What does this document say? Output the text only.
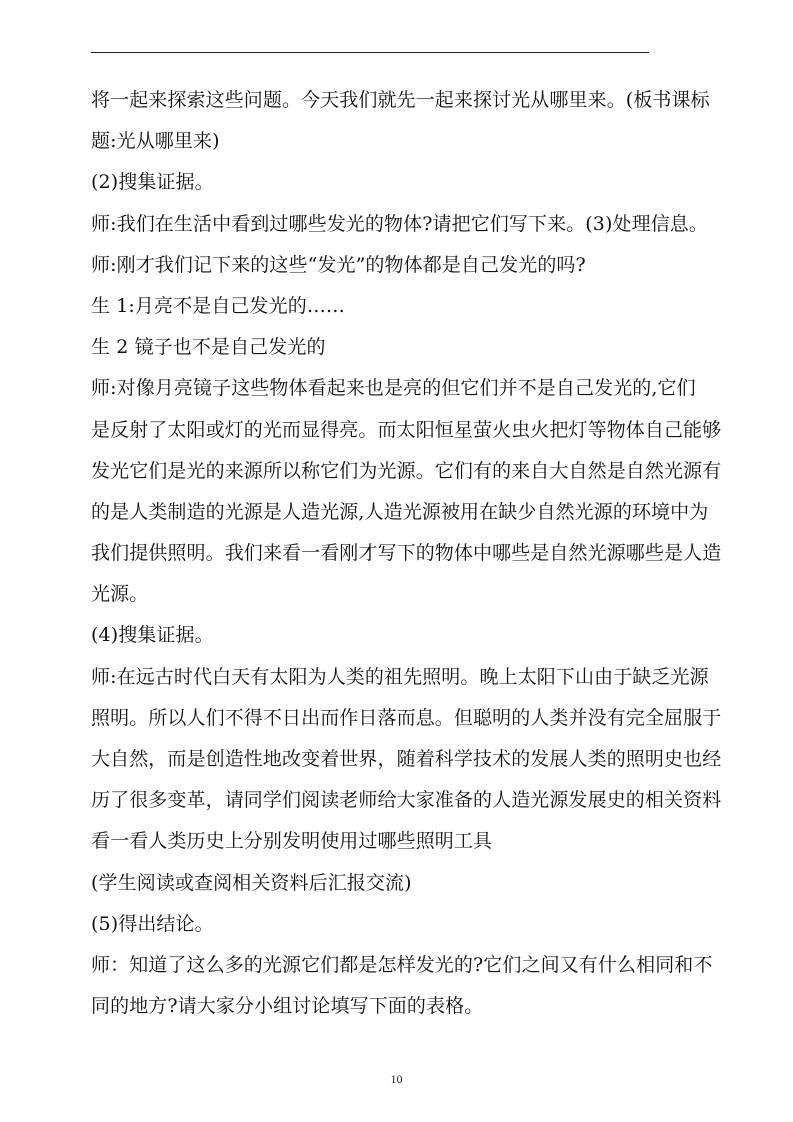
将一起来探索这些问题。今天我们就先一起来探讨光从哪里来。(板书课标
题:光从哪里来)
(2)搜集证据。
师:我们在生活中看到过哪些发光的物体?请把它们写下来。(3)处理信息。
师:刚才我们记下来的这些“发光”的物体都是自己发光的吗?
生 1:月亮不是自己发光的……
生 2 镜子也不是自己发光的
师:对像月亮镜子这些物体看起来也是亮的但它们并不是自己发光的,它们
是反射了太阳或灯的光而显得亮。而太阳恒星萤火虫火把灯等物体自己能够
发光它们是光的来源所以称它们为光源。它们有的来自大自然是自然光源有
的是人类制造的光源是人造光源,人造光源被用在缺少自然光源的环境中为
我们提供照明。我们来看一看刚才写下的物体中哪些是自然光源哪些是人造
光源。
(4)搜集证据。
师:在远古时代白天有太阳为人类的祖先照明。晚上太阳下山由于缺乏光源
照明。所以人们不得不日出而作日落而息。但聪明的人类并没有完全屈服于
大自然，而是创造性地改变着世界，随着科学技术的发展人类的照明史也经
历了很多变革，请同学们阅读老师给大家准备的人造光源发展史的相关资料
看一看人类历史上分别发明使用过哪些照明工具
(学生阅读或查阅相关资料后汇报交流)
(5)得出结论。
师：知道了这么多的光源它们都是怎样发光的?它们之间又有什么相同和不
同的地方?请大家分小组讨论填写下面的表格。
10
